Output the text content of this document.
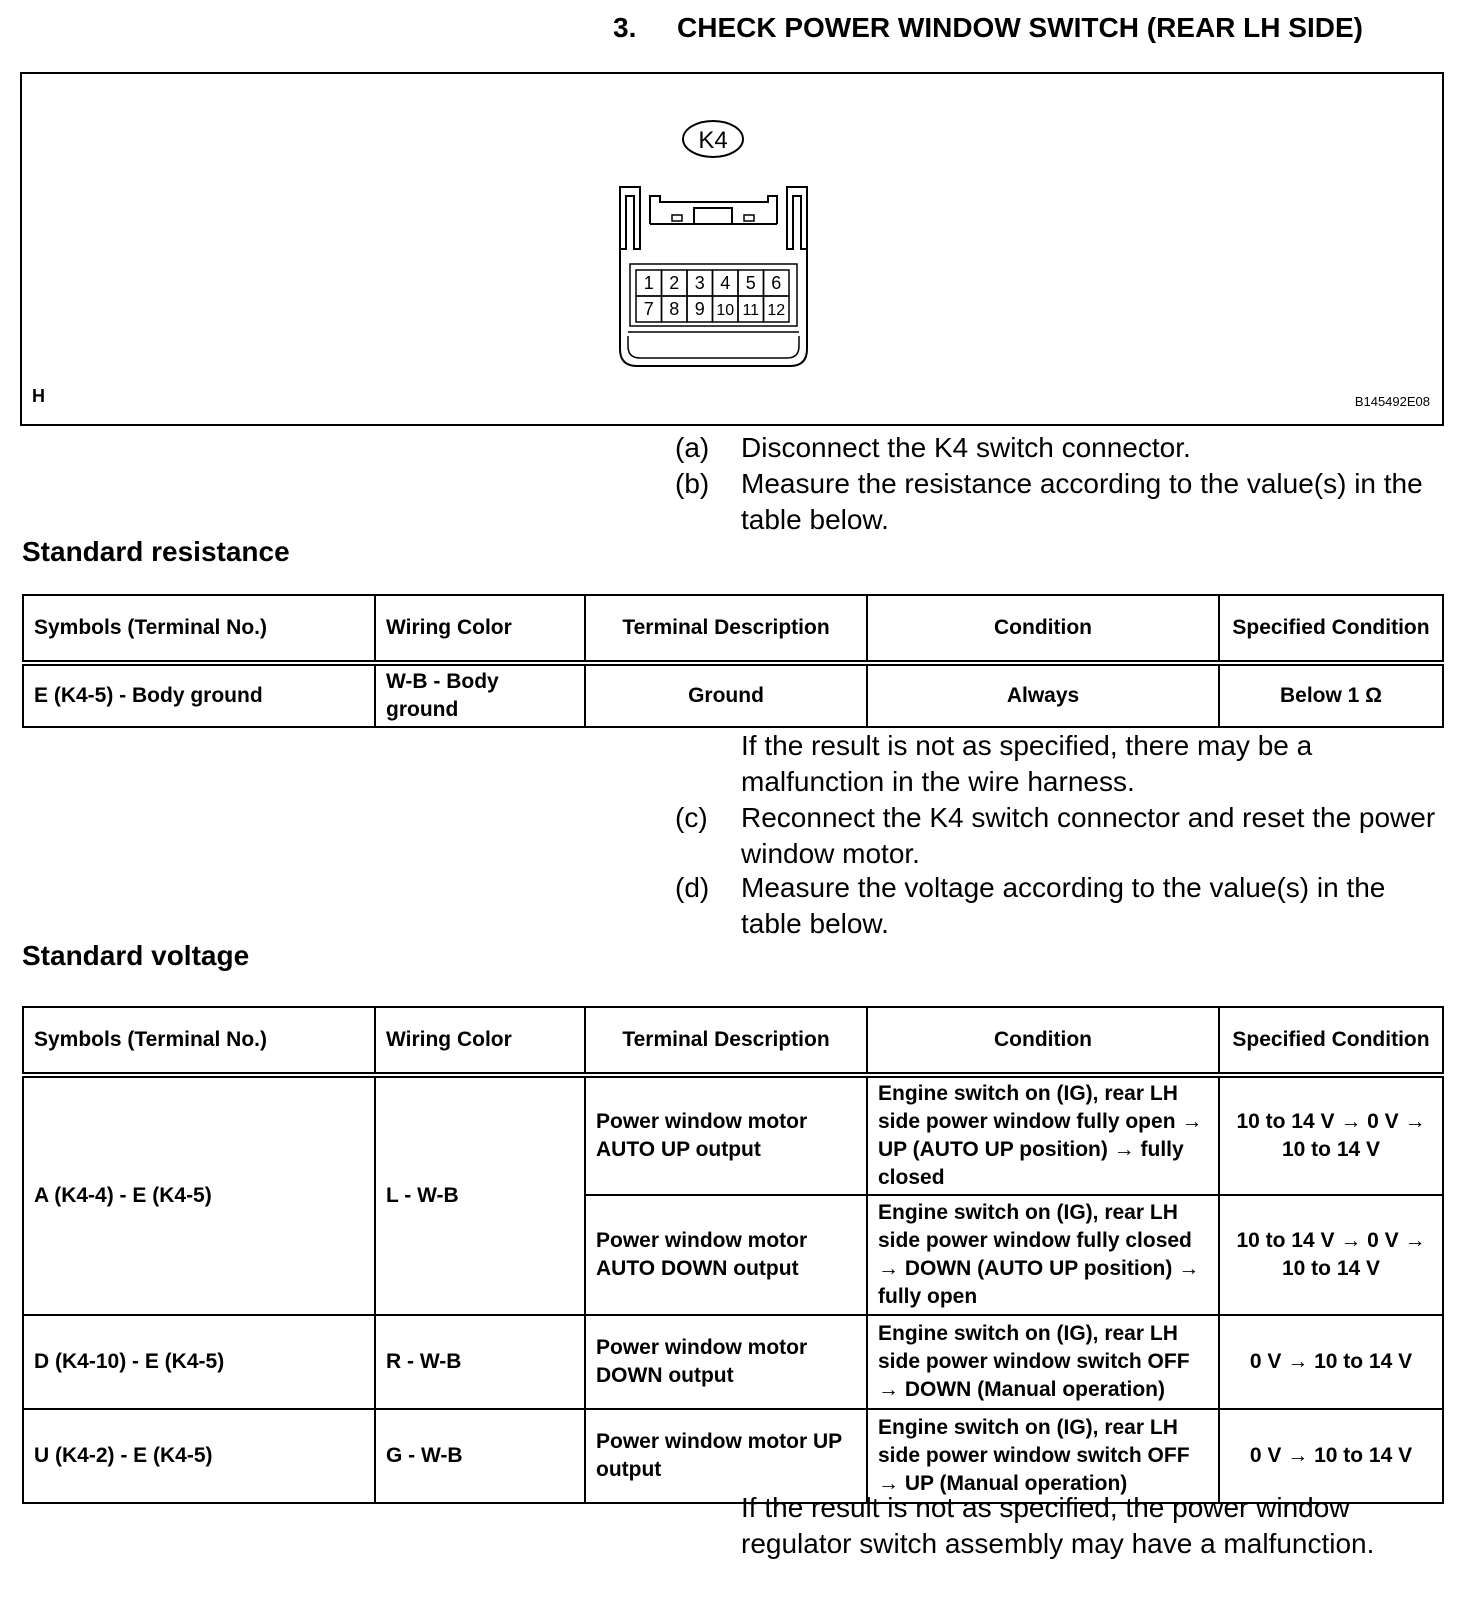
3. CHECK POWER WINDOW SWITCH (REAR LH SIDE)
K4
1 2 3 4 5 6
7 8 9 10 11 12
H	B145492E08
(a) Disconnect the K4 switch connector.
(b) Measure the resistance according to the value(s) in the table below.
Standard resistance
Symbols (Terminal No.)	Wiring Color	Terminal Description	Condition	Specified Condition
E (K4-5) - Body ground	W-B - Body ground	Ground	Always	Below 1 Ω
If the result is not as specified, there may be a malfunction in the wire harness.
(c) Reconnect the K4 switch connector and reset the power window motor.
(d) Measure the voltage according to the value(s) in the table below.
Standard voltage
Symbols (Terminal No.)	Wiring Color	Terminal Description	Condition	Specified Condition
A (K4-4) - E (K4-5)	L - W-B	Power window motor AUTO UP output	Engine switch on (IG), rear LH side power window fully open → UP (AUTO UP position) → fully closed	10 to 14 V → 0 V → 10 to 14 V
		Power window motor AUTO DOWN output	Engine switch on (IG), rear LH side power window fully closed → DOWN (AUTO UP position) → fully open	10 to 14 V → 0 V → 10 to 14 V
D (K4-10) - E (K4-5)	R - W-B	Power window motor DOWN output	Engine switch on (IG), rear LH side power window switch OFF → DOWN (Manual operation)	0 V → 10 to 14 V
U (K4-2) - E (K4-5)	G - W-B	Power window motor UP output	Engine switch on (IG), rear LH side power window switch OFF → UP (Manual operation)	0 V → 10 to 14 V
If the result is not as specified, the power window regulator switch assembly may have a malfunction.
